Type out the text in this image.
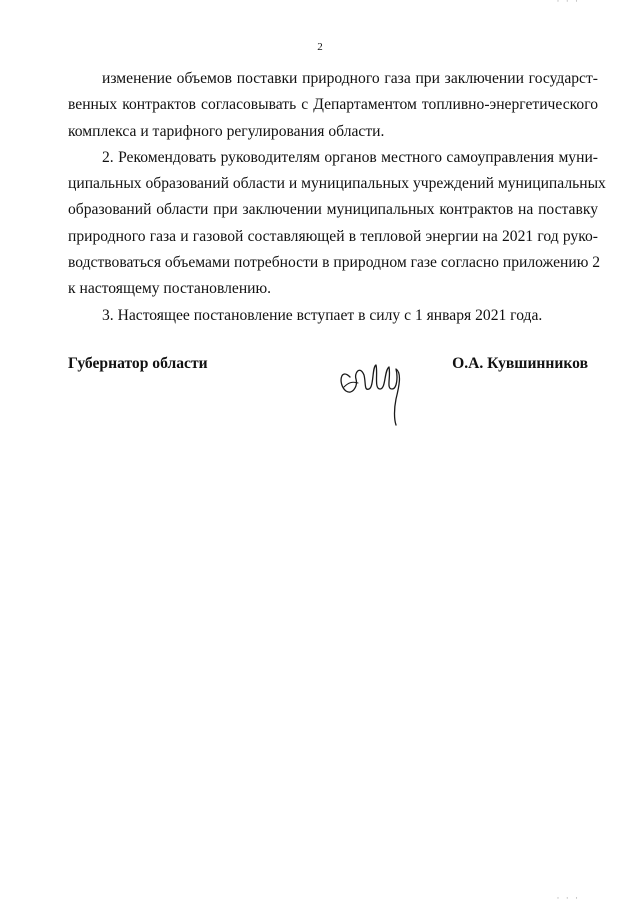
· · ·
2
изменение объемов поставки природного газа при заключении государст-
венных контрактов согласовывать с Департаментом топливно-энергетического
комплекса и тарифного регулирования области.
2. Рекомендовать руководителям органов местного самоуправления муни-
ципальных образований области и муниципальных учреждений муниципальных
образований области при заключении муниципальных контрактов на поставку
природного газа и газовой составляющей в тепловой энергии на 2021 год руко-
водствоваться объемами потребности в природном газе согласно приложению 2
к настоящему постановлению.
3. Настоящее постановление вступает в силу с 1 января 2021 года.
Губернатор области	О.А. Кувшинников
· · ·
